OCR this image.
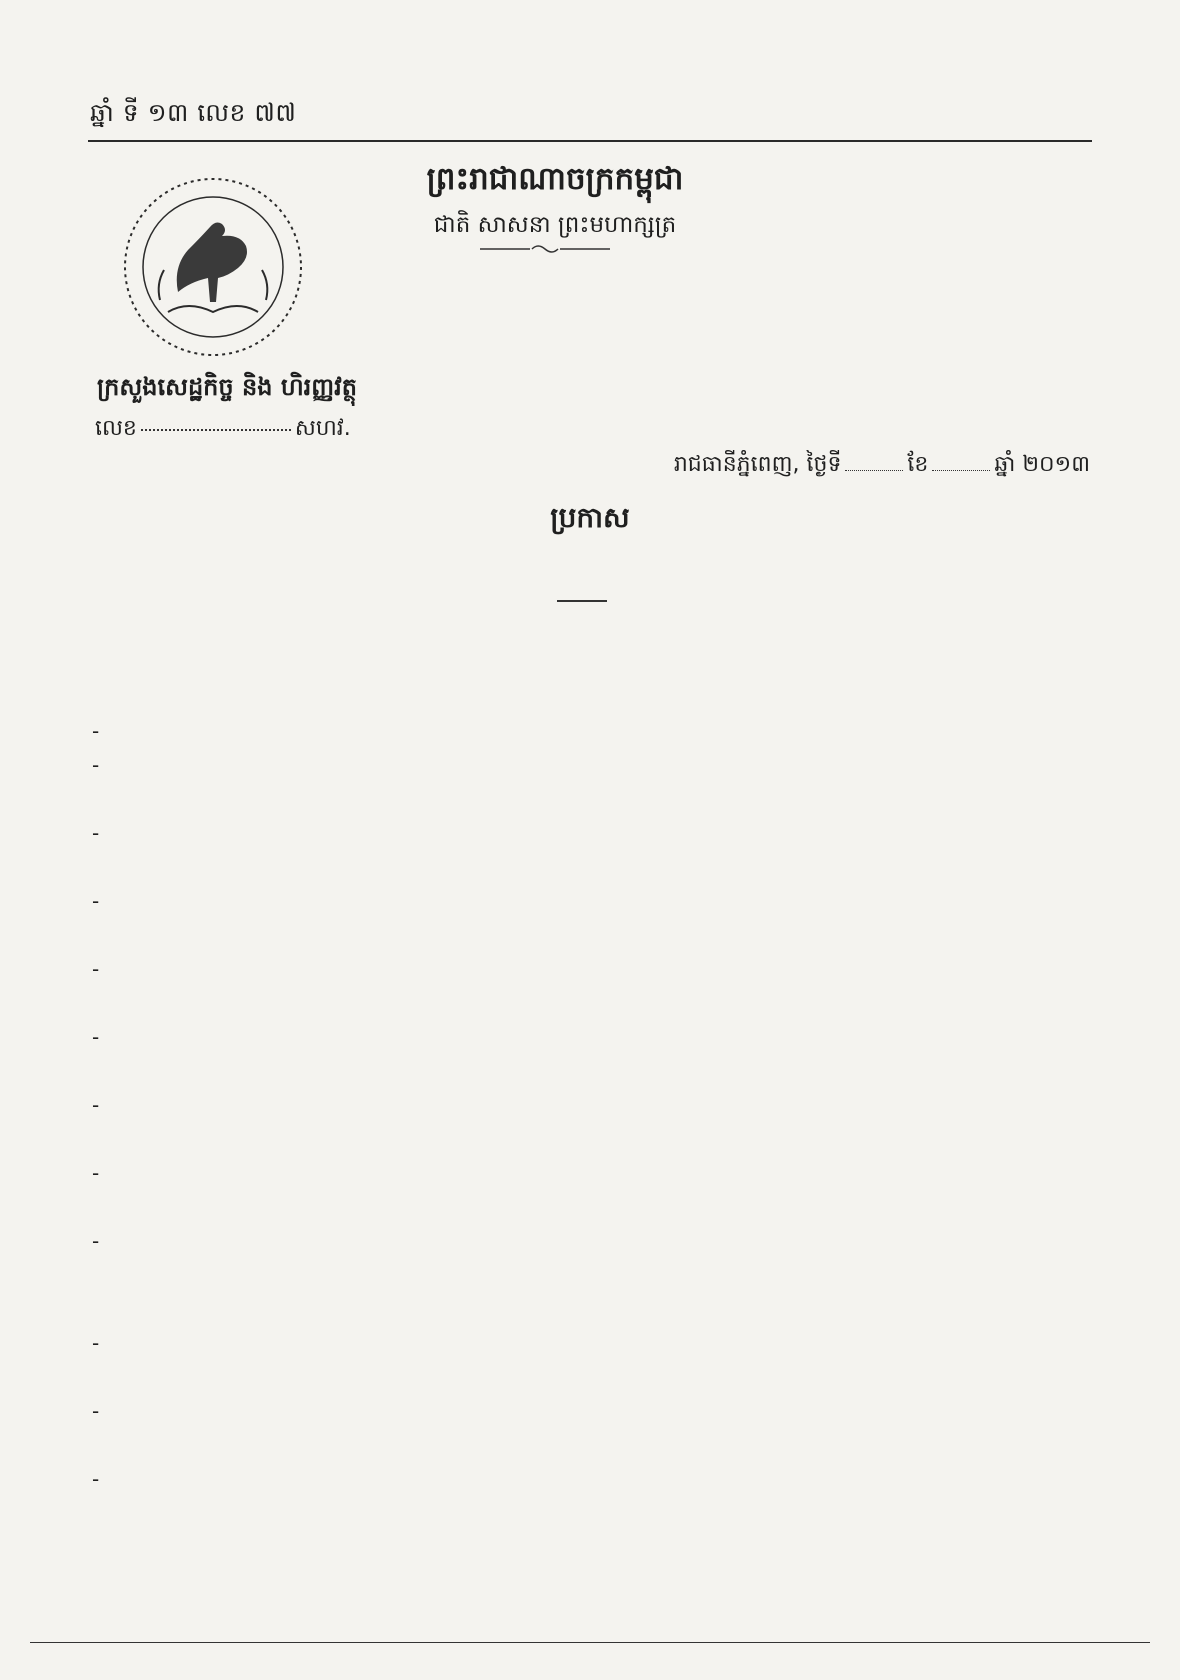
ឆ្នាំ ទី ១៣ លេខ ៧៧
ព្រះរាជាណាចក្រកម្ពុជា
ជាតិ សាសនា ព្រះមហាក្សត្រ
ក្រសួងសេដ្ឋកិច្ច និង ហិរញ្ញវត្ថុ
លេខ	សហវ.
រាជធានីភ្នំពេញ, ថ្ងៃទី	ខែ	ឆ្នាំ ២០១៣
ប្រកាស
-
-
-
-
-
-
-
-
-
-
-
-
